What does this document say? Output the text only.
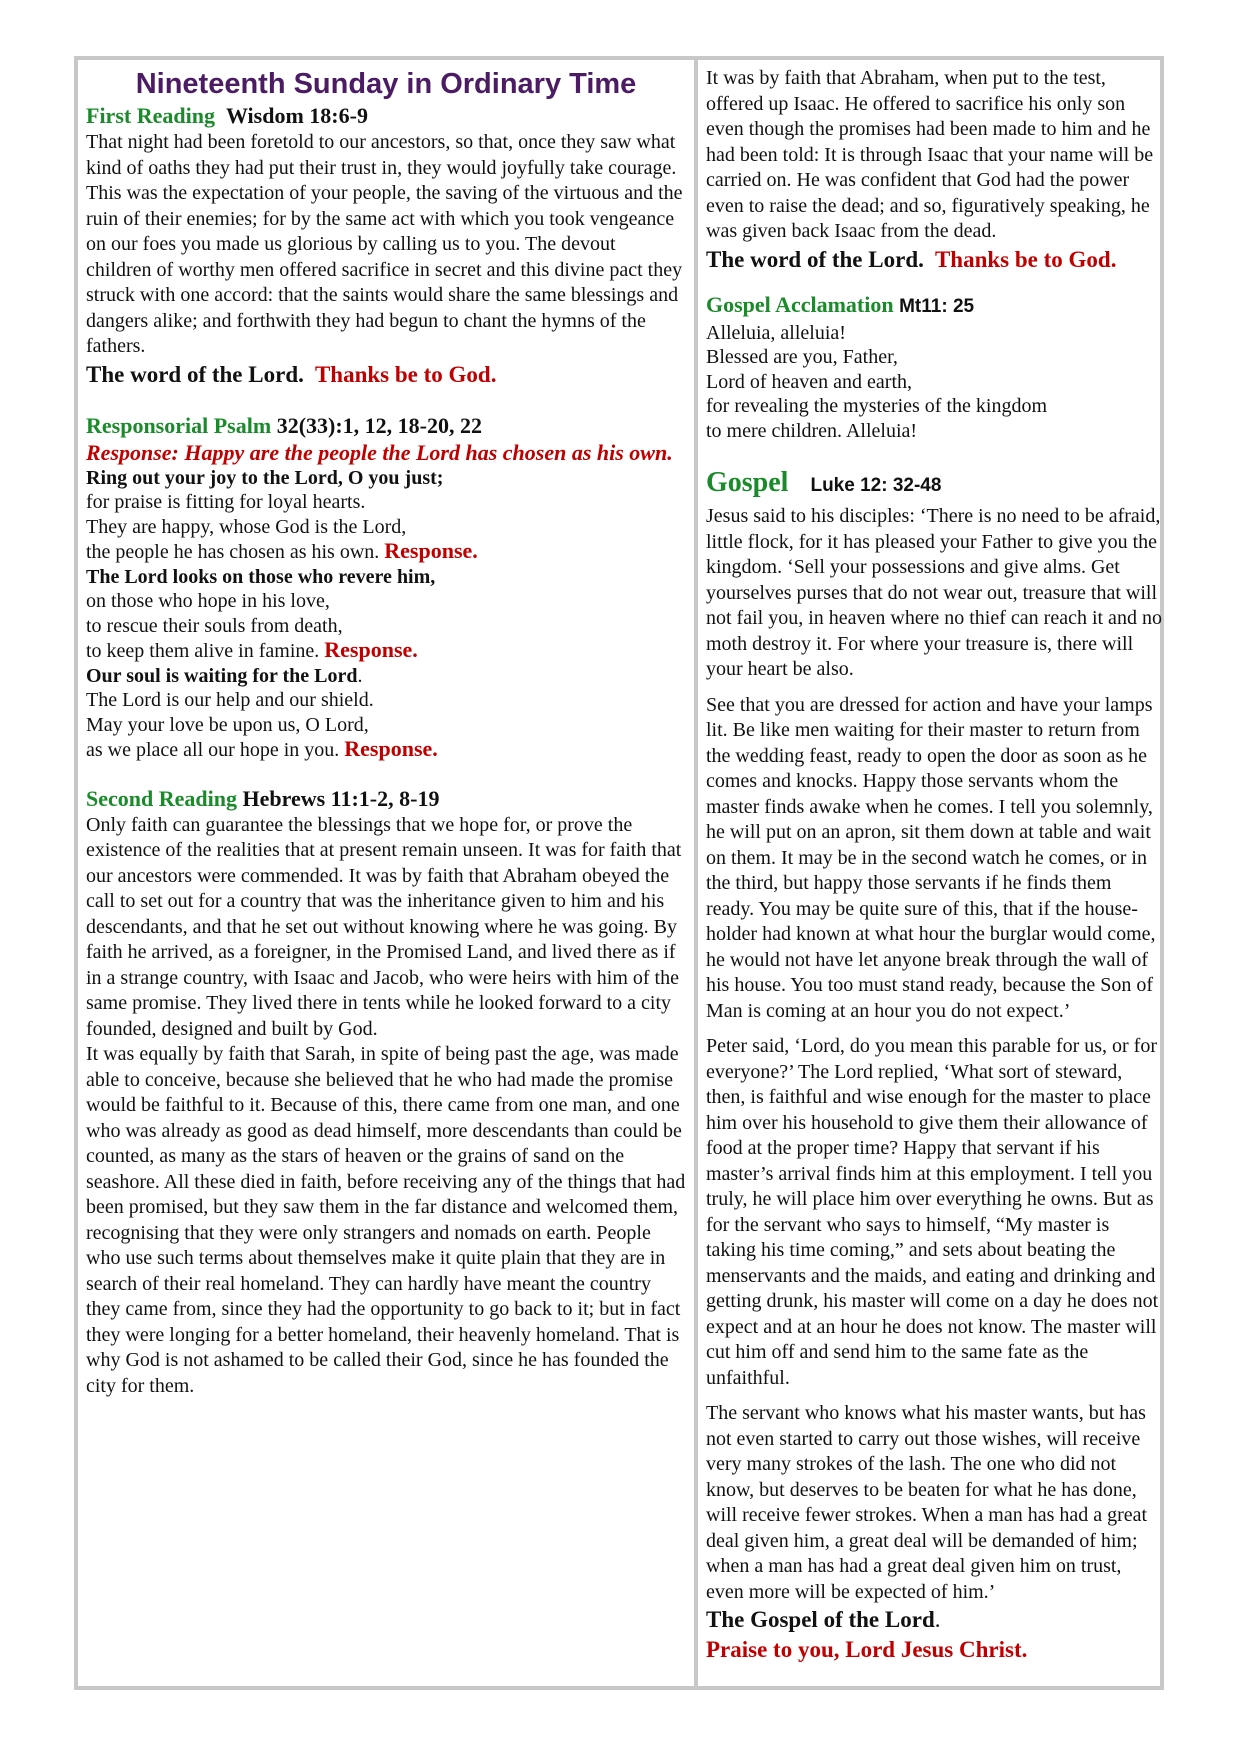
Nineteenth Sunday in Ordinary Time

First Reading Wisdom 18:6-9

That night had been foretold to our ancestors, so that, once they saw what kind of oaths they had put their trust in, they would joyfully take courage. This was the expectation of your people, the saving of the virtuous and the ruin of their enemies; for by the same act with which you took vengeance on our foes you made us glorious by calling us to you. The devout children of worthy men offered sacrifice in secret and this divine pact they struck with one accord: that the saints would share the same blessings and dangers alike; and forthwith they had begun to chant the hymns of the fathers.

The word of the Lord. Thanks be to God.

Responsorial Psalm 32(33):1, 12, 18-20, 22

Response: Happy are the people the Lord has chosen as his own.

Ring out your joy to the Lord, O you just;

for praise is fitting for loyal hearts.

They are happy, whose God is the Lord,

the people he has chosen as his own. Response.

The Lord looks on those who revere him,

on those who hope in his love,

to rescue their souls from death,

to keep them alive in famine. Response.

Our soul is waiting for the Lord.

The Lord is our help and our shield.

May your love be upon us, O Lord,

as we place all our hope in you. Response.

Second Reading Hebrews 11:1-2, 8-19

Only faith can guarantee the blessings that we hope for, or prove the existence of the realities that at present remain unseen. It was for faith that our ancestors were commended. It was by faith that Abraham obeyed the call to set out for a country that was the inheritance given to him and his descendants, and that he set out without knowing where he was going. By faith he arrived, as a foreigner, in the Promised Land, and lived there as if in a strange country, with Isaac and Jacob, who were heirs with him of the same promise. They lived there in tents while he looked forward to a city founded, designed and built by God.

It was equally by faith that Sarah, in spite of being past the age, was made able to conceive, because she believed that he who had made the promise would be faithful to it. Because of this, there came from one man, and one who was already as good as dead himself, more descendants than could be counted, as many as the stars of heaven or the grains of sand on the seashore. All these died in faith, before receiving any of the things that had been promised, but they saw them in the far distance and welcomed them, recognising that they were only strangers and nomads on earth. People who use such terms about themselves make it quite plain that they are in search of their real homeland. They can hardly have meant the country they came from, since they had the opportunity to go back to it; but in fact they were longing for a better homeland, their heavenly homeland. That is why God is not ashamed to be called their God, since he has founded the city for them.

It was by faith that Abraham, when put to the test, offered up Isaac. He offered to sacrifice his only son even though the promises had been made to him and he had been told: It is through Isaac that your name will be carried on. He was confident that God had the power even to raise the dead; and so, figuratively speaking, he was given back Isaac from the dead.

The word of the Lord. Thanks be to God.

Gospel Acclamation Mt11: 25

Alleluia, alleluia!

Blessed are you, Father,

Lord of heaven and earth,

for revealing the mysteries of the kingdom

to mere children. Alleluia!

Gospel Luke 12: 32-48

Jesus said to his disciples: ‘There is no need to be afraid, little flock, for it has pleased your Father to give you the kingdom. ‘Sell your possessions and give alms. Get yourselves purses that do not wear out, treasure that will not fail you, in heaven where no thief can reach it and no moth destroy it. For where your treasure is, there will your heart be also.

See that you are dressed for action and have your lamps lit. Be like men waiting for their master to return from the wedding feast, ready to open the door as soon as he comes and knocks. Happy those servants whom the master finds awake when he comes. I tell you solemnly, he will put on an apron, sit them down at table and wait on them. It may be in the second watch he comes, or in the third, but happy those servants if he finds them ready. You may be quite sure of this, that if the house-holder had known at what hour the burglar would come, he would not have let anyone break through the wall of his house. You too must stand ready, because the Son of Man is coming at an hour you do not expect.’

Peter said, ‘Lord, do you mean this parable for us, or for everyone?’ The Lord replied, ‘What sort of steward, then, is faithful and wise enough for the master to place him over his household to give them their allowance of food at the proper time? Happy that servant if his master’s arrival finds him at this employment. I tell you truly, he will place him over everything he owns. But as for the servant who says to himself, “My master is taking his time coming,” and sets about beating the menservants and the maids, and eating and drinking and getting drunk, his master will come on a day he does not expect and at an hour he does not know. The master will cut him off and send him to the same fate as the unfaithful.

The servant who knows what his master wants, but has not even started to carry out those wishes, will receive very many strokes of the lash. The one who did not know, but deserves to be beaten for what he has done, will receive fewer strokes. When a man has had a great deal given him, a great deal will be demanded of him; when a man has had a great deal given him on trust, even more will be expected of him.’

The Gospel of the Lord.

Praise to you, Lord Jesus Christ.
